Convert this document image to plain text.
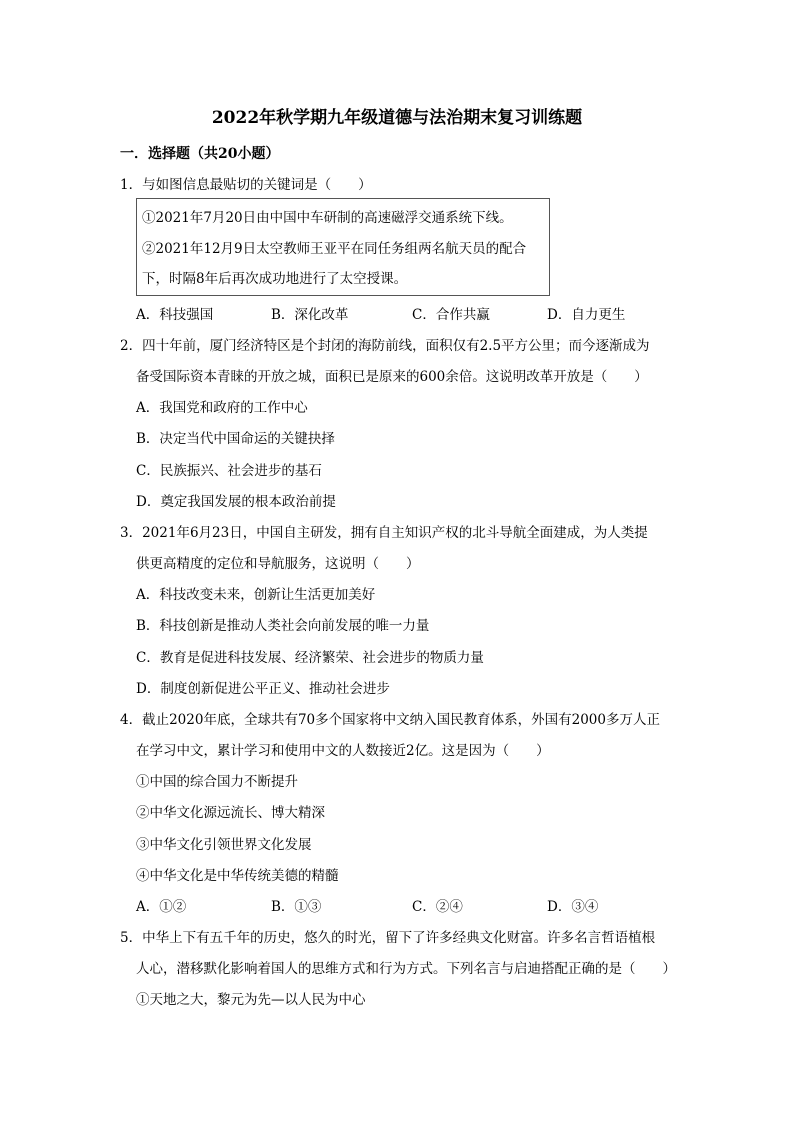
2022年秋学期九年级道德与法治期末复习训练题
一．选择题（共20小题）
1．与如图信息最贴切的关键词是（　　）
①2021年7月20日由中国中车研制的高速磁浮交通系统下线。
②2021年12月9日太空教师王亚平在同任务组两名航天员的配合
下，时隔8年后再次成功地进行了太空授课。
A．科技强国	B．深化改革	C．合作共赢	D．自力更生
2．四十年前，厦门经济特区是个封闭的海防前线，面积仅有2.5平方公里；而今逐渐成为
备受国际资本青睐的开放之城，面积已是原来的600余倍。这说明改革开放是（　　）
A．我国党和政府的工作中心
B．决定当代中国命运的关键抉择
C．民族振兴、社会进步的基石
D．奠定我国发展的根本政治前提
3．2021年6月23日，中国自主研发，拥有自主知识产权的北斗导航全面建成，为人类提
供更高精度的定位和导航服务，这说明（　　）
A．科技改变未来，创新让生活更加美好
B．科技创新是推动人类社会向前发展的唯一力量
C．教育是促进科技发展、经济繁荣、社会进步的物质力量
D．制度创新促进公平正义、推动社会进步
4．截止2020年底，全球共有70多个国家将中文纳入国民教育体系，外国有2000多万人正
在学习中文，累计学习和使用中文的人数接近2亿。这是因为（　　）
①中国的综合国力不断提升
②中华文化源远流长、博大精深
③中华文化引领世界文化发展
④中华文化是中华传统美德的精髓
A．①②	B．①③	C．②④	D．③④
5．中华上下有五千年的历史，悠久的时光，留下了许多经典文化财富。许多名言哲语植根
人心，潜移默化影响着国人的思维方式和行为方式。下列名言与启迪搭配正确的是（　　）
①天地之大，黎元为先—以人民为中心
